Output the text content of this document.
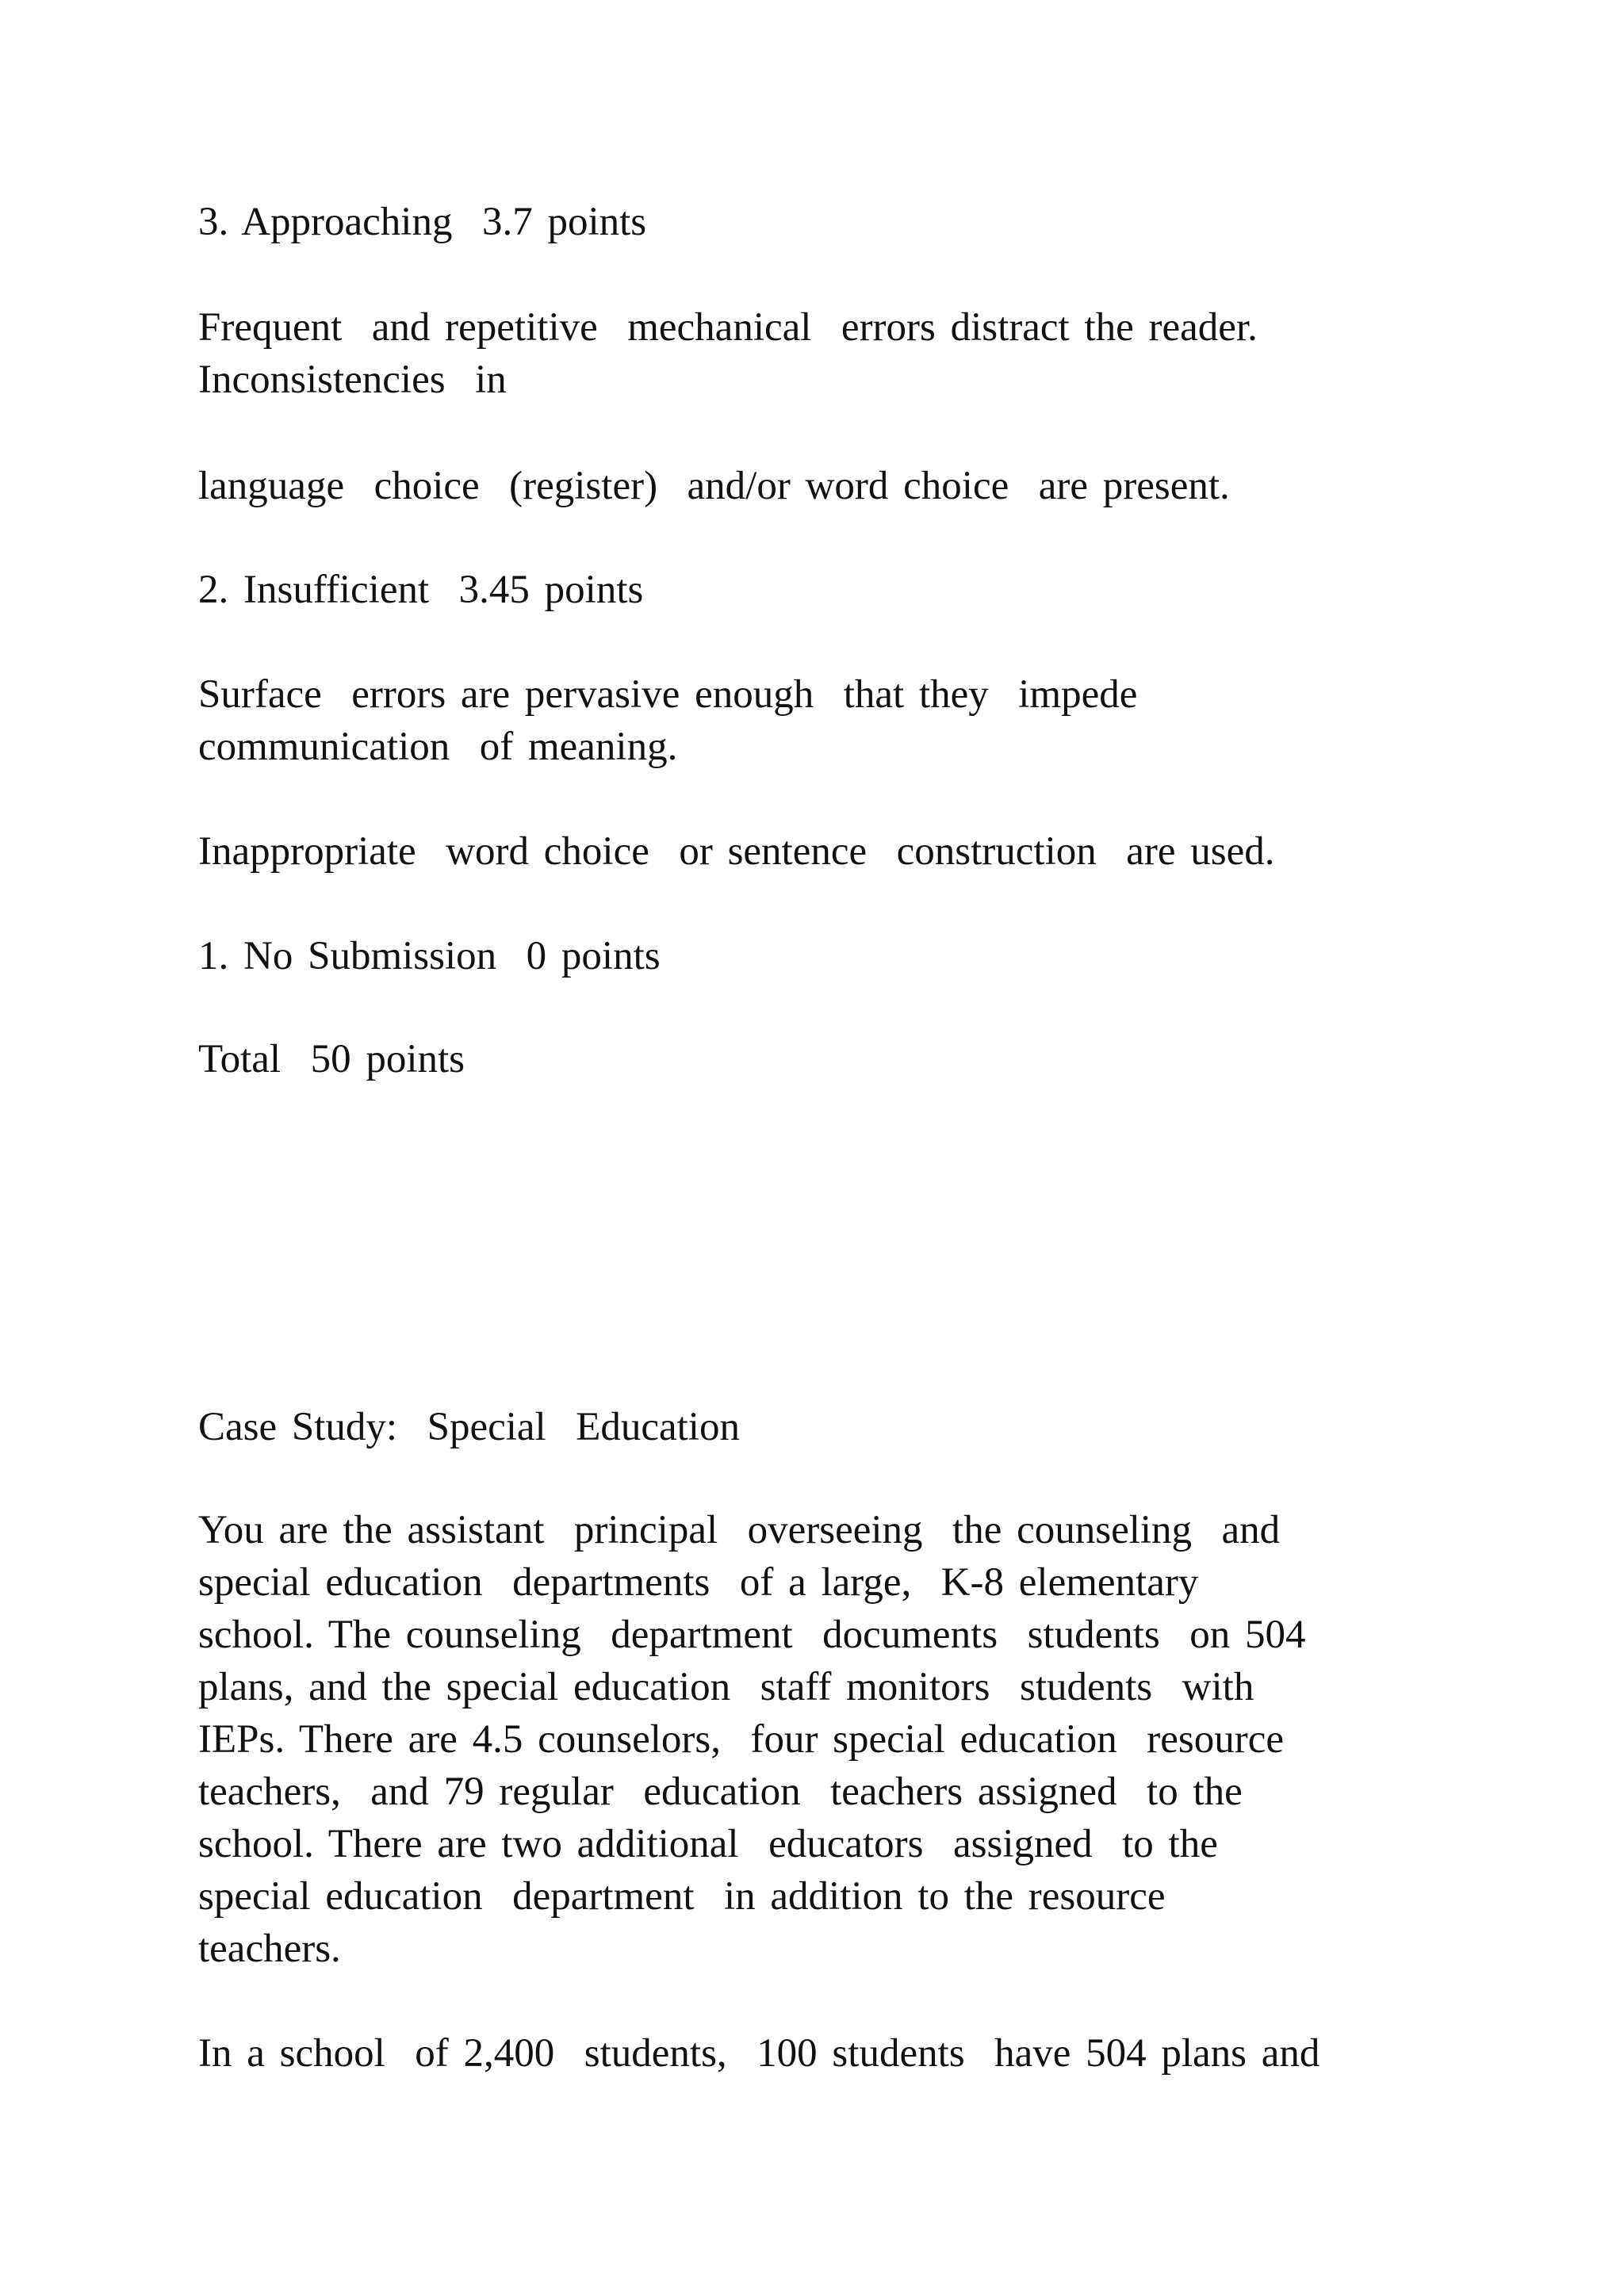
3. Approaching  3.7 points
Frequent  and repetitive  mechanical  errors distract the reader.
Inconsistencies  in
language  choice  (register)  and/or word choice  are present.
2. Insufficient  3.45 points
Surface  errors are pervasive enough  that they  impede
communication  of meaning.
Inappropriate  word choice  or sentence  construction  are used.
1. No Submission  0 points
Total  50 points
Case Study:  Special  Education
You are the assistant  principal  overseeing  the counseling  and
special education  departments  of a large,  K-8 elementary
school. The counseling  department  documents  students  on 504
plans, and the special education  staff monitors  students  with
IEPs. There are 4.5 counselors,  four special education  resource
teachers,  and 79 regular  education  teachers assigned  to the
school. There are two additional  educators  assigned  to the
special education  department  in addition to the resource
teachers.
In a school  of 2,400  students,  100 students  have 504 plans and
